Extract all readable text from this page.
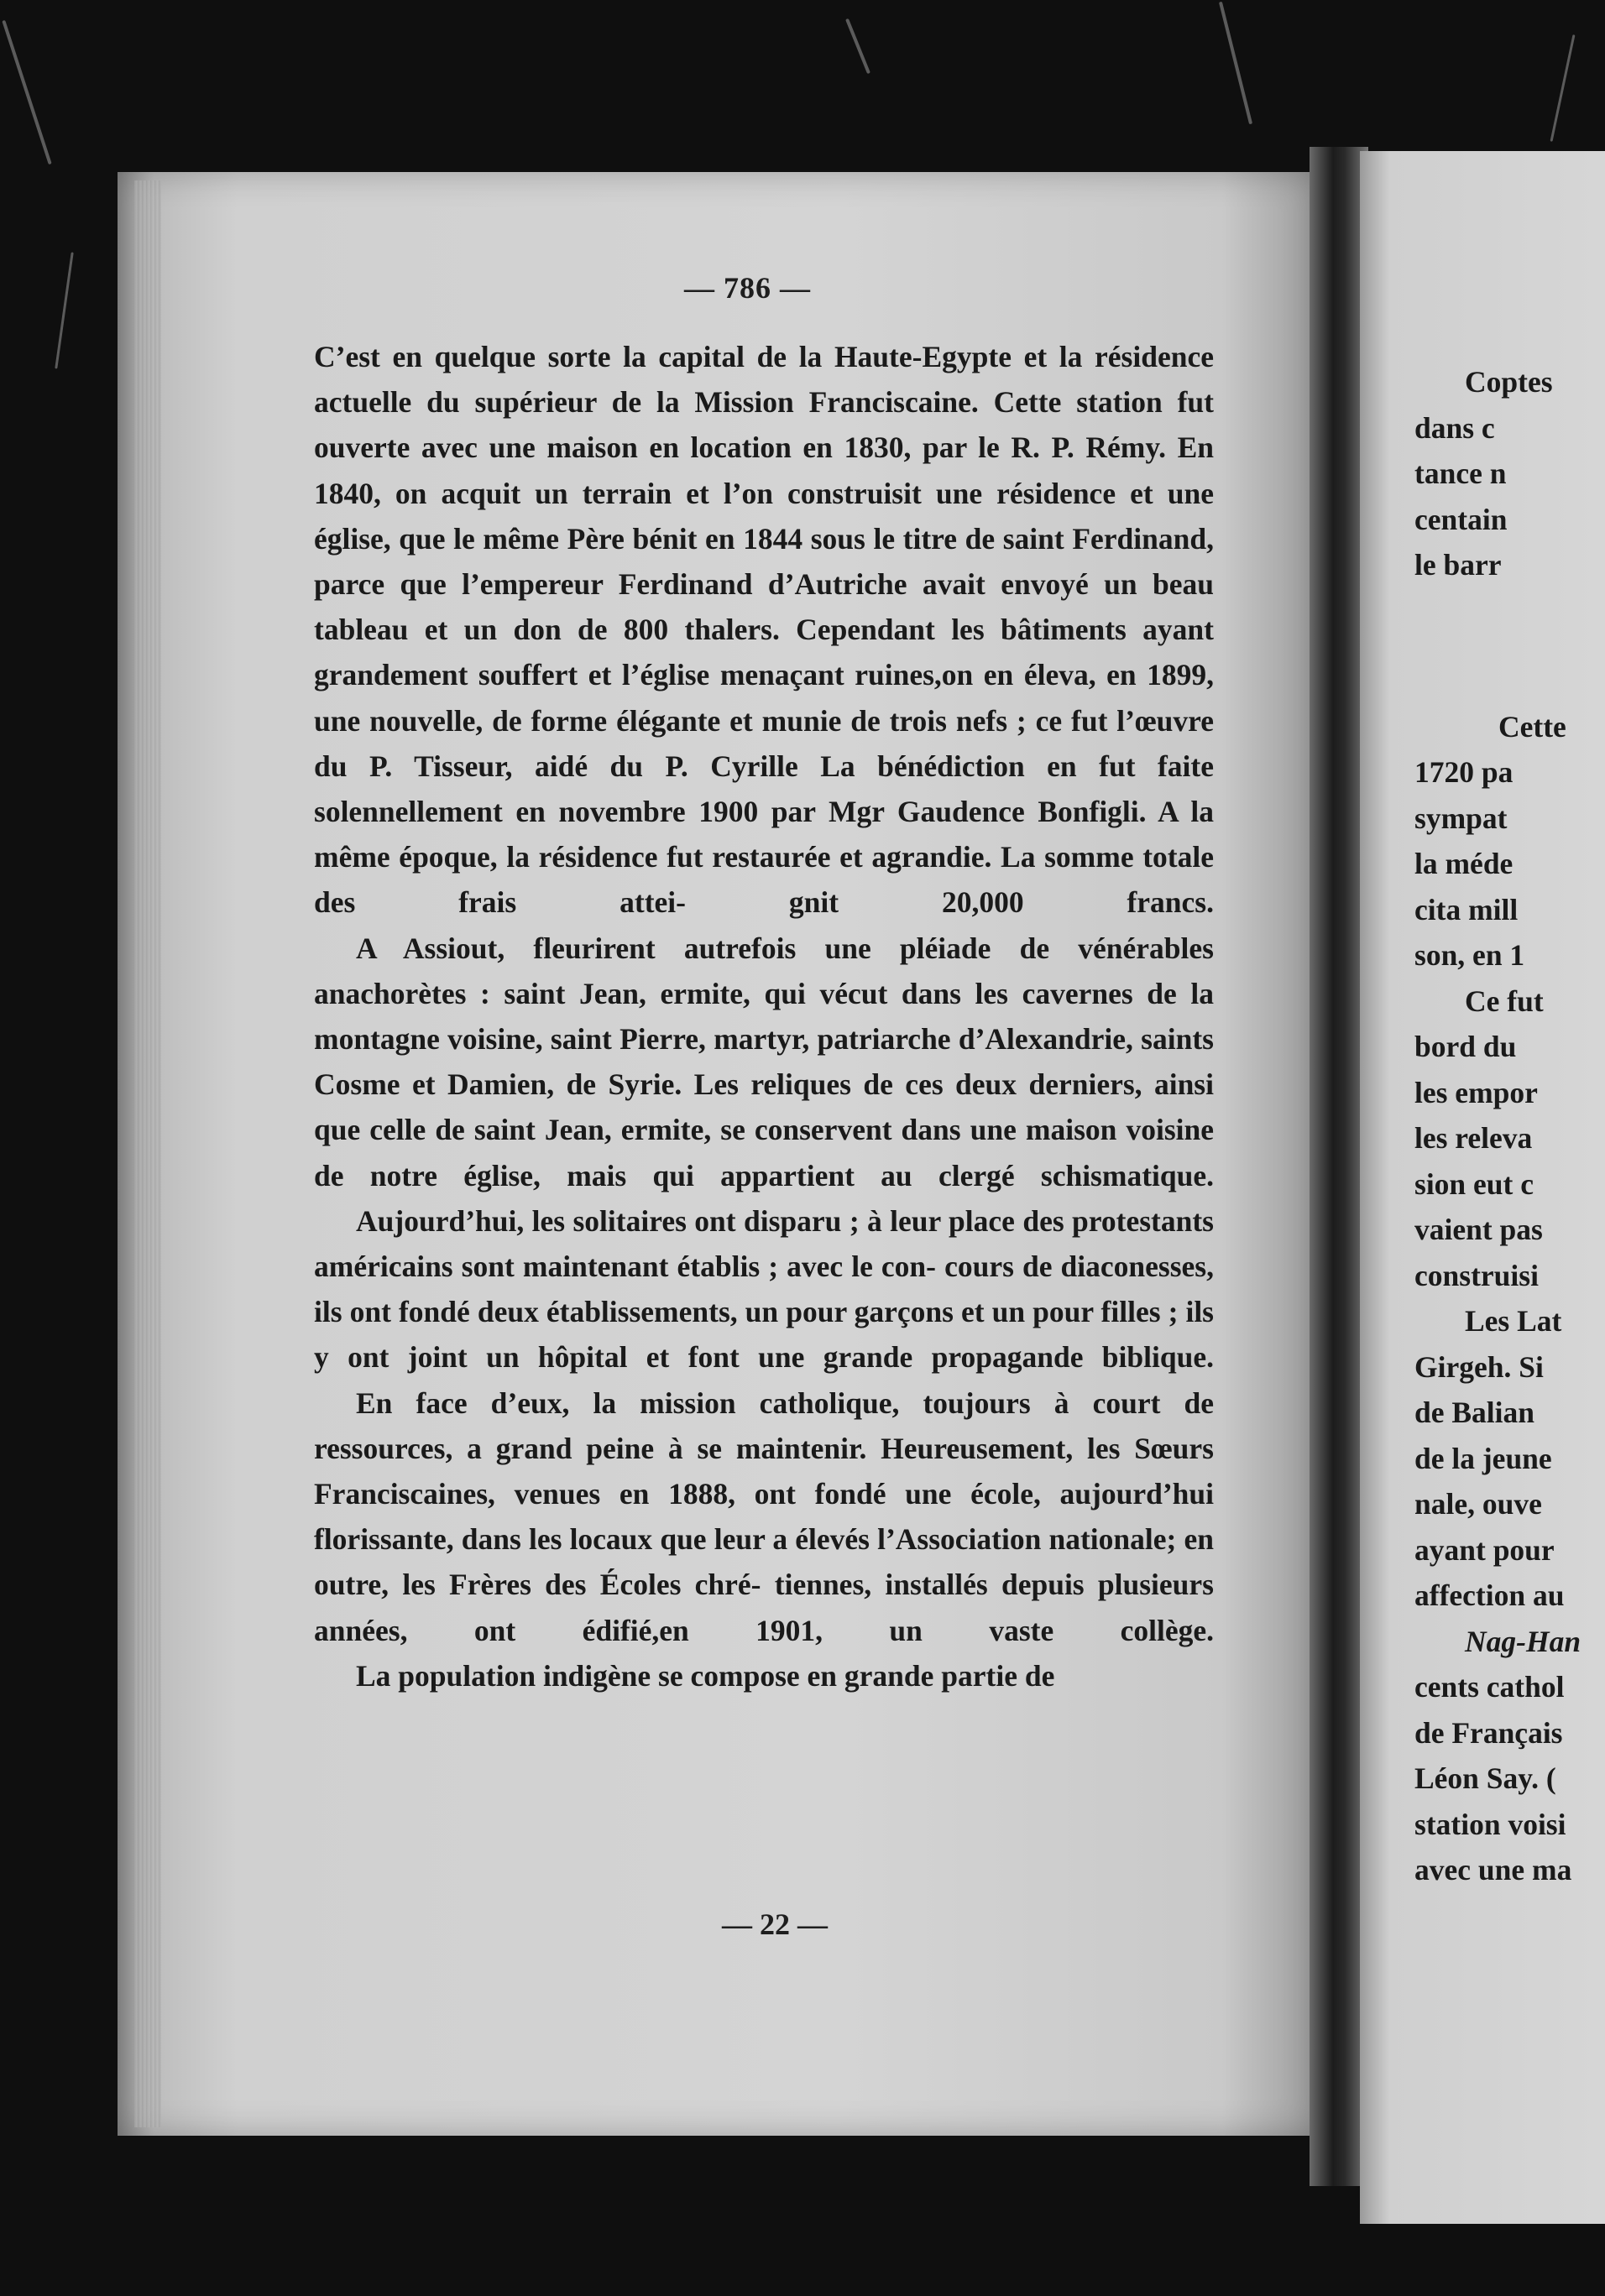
— 786 —

C’est en quelque sorte la capital de la Haute-Egypte et la résidence actuelle du supérieur de la Mission Franciscaine. Cette station fut ouverte avec une maison en location en 1830, par le R. P. Rémy. En 1840, on acquit un terrain et l’on construisit une résidence et une église, que le même Père bénit en 1844 sous le titre de saint Ferdinand, parce que l’empereur Ferdinand d’Autriche avait envoyé un beau tableau et un don de 800 thalers. Cependant les bâtiments ayant grandement souffert et l’église menaçant ruines,on en éleva, en 1899, une nouvelle, de forme élégante et munie de trois nefs ; ce fut l’œuvre du P. Tisseur, aidé du P. Cyrille La bénédiction en fut faite solennellement en novembre 1900 par Mgr Gaudence Bonfigli. A la même époque, la résidence fut restaurée et agrandie. La somme totale des frais attei- gnit 20,000 francs.

A Assiout, fleurirent autrefois une pléiade de vénérables anachorètes : saint Jean, ermite, qui vécut dans les cavernes de la montagne voisine, saint Pierre, martyr, patriarche d’Alexandrie, saints Cosme et Damien, de Syrie. Les reliques de ces deux derniers, ainsi que celle de saint Jean, ermite, se conservent dans une maison voisine de notre église, mais qui appartient au clergé schismatique.

Aujourd’hui, les solitaires ont disparu ; à leur place des protestants américains sont maintenant établis ; avec le con- cours de diaconesses, ils ont fondé deux établissements, un pour garçons et un pour filles ; ils y ont joint un hôpital et font une grande propagande biblique.

En face d’eux, la mission catholique, toujours à court de ressources, a grand peine à se maintenir. Heureusement, les Sœurs Franciscaines, venues en 1888, ont fondé une école, aujourd’hui florissante, dans les locaux que leur a élevés l’Association nationale; en outre, les Frères des Écoles chré- tiennes, installés depuis plusieurs années, ont édifié,en 1901, un vaste collège.

La population indigène se compose en grande partie de

— 22 —
Coptes
dans c
tance n
centain
le barr
Cette
1720 pa
sympat
la méde
cita mill
son, en 1
Ce fut
bord du
les empor
les releva
sion eut c
vaient pas
construisi
Les Lat
Girgeh. Si
de Balian
de la jeune
nale, ouve
ayant pour
affection au
Nag-Han
cents cathol
de Français
Léon Say. (
station voisi
avec une ma
